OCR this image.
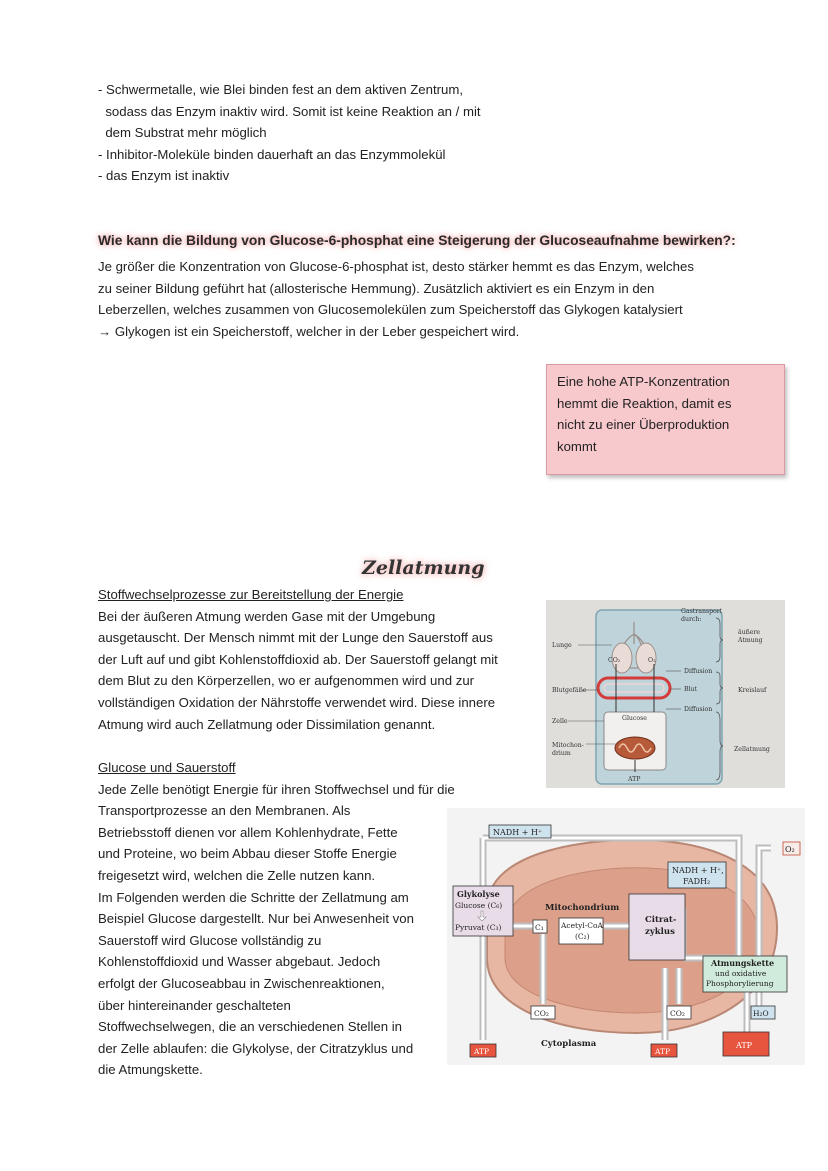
- Schwermetalle, wie Blei binden fest an dem aktiven Zentrum,
sodass das Enzym inaktiv wird. Somit ist keine Reaktion an / mit
dem Substrat mehr möglich
- Inhibitor-Moleküle binden dauerhaft an das Enzymmolekül
- das Enzym ist inaktiv
Wie kann die Bildung von Glucose-6-phosphat eine Steigerung der Glucoseaufnahme bewirken?:
Je größer die Konzentration von Glucose-6-phosphat ist, desto stärker hemmt es das Enzym, welches
zu seiner Bildung geführt hat (allosterische Hemmung). Zusätzlich aktiviert es ein Enzym in den
Leberzellen, welches zusammen von Glucosemolekülen zum Speicherstoff das Glykogen katalysiert
→ Glykogen ist ein Speicherstoff, welcher in der Leber gespeichert wird.
Eine hohe ATP-Konzentration
hemmt die Reaktion, damit es
nicht zu einer Überproduktion
kommt
Zellatmung
Stoffwechselprozesse zur Bereitstellung der Energie
Bei der äußeren Atmung werden Gase mit der Umgebung
ausgetauscht. Der Mensch nimmt mit der Lunge den Sauerstoff aus
der Luft auf und gibt Kohlenstoffdioxid ab. Der Sauerstoff gelangt mit
dem Blut zu den Körperzellen, wo er aufgenommen wird und zur
vollständigen Oxidation der Nährstoffe verwendet wird. Diese innere
Atmung wird auch Zellatmung oder Dissimilation genannt.
Glucose und Sauerstoff
Jede Zelle benötigt Energie für ihren Stoffwechsel und für die
Transportprozesse an den Membranen. Als
Betriebsstoff dienen vor allem Kohlenhydrate, Fette
und Proteine, wo beim Abbau dieser Stoffe Energie
freigesetzt wird, welchen die Zelle nutzen kann.
Im Folgenden werden die Schritte der Zellatmung am
Beispiel Glucose dargestellt. Nur bei Anwesenheit von
Sauerstoff wird Glucose vollständig zu
Kohlenstoffdioxid und Wasser abgebaut. Jedoch
erfolgt der Glucoseabbau in Zwischenreaktionen,
über hintereinander geschalteten
Stoffwechselwegen, die an verschiedenen Stellen in
der Zelle ablaufen: die Glykolyse, der Citratzyklus und
die Atmungskette.
Gastransport
durch:
Lunge
CO₂	O₂
äußere
Atmung
Diffusion
Blut
Blutgefäße	Kreislauf
Diffusion
Zelle	Glucose
Mitochon-
drium
ATP
Zellatmung
NADH + H⁺
O₂
NADH + H⁺,
FADH₂
Glykolyse
Glucose (C₆)
Pyruvat (C₃)
Mitochondrium
C₁ Acetyl-CoA
(C₂)
Citrat-
zyklus
Atmungskette
und oxidative
Phosphorylierung
CO₂	CO₂	H₂O
ATP	ATP
ATP
Cytoplasma
